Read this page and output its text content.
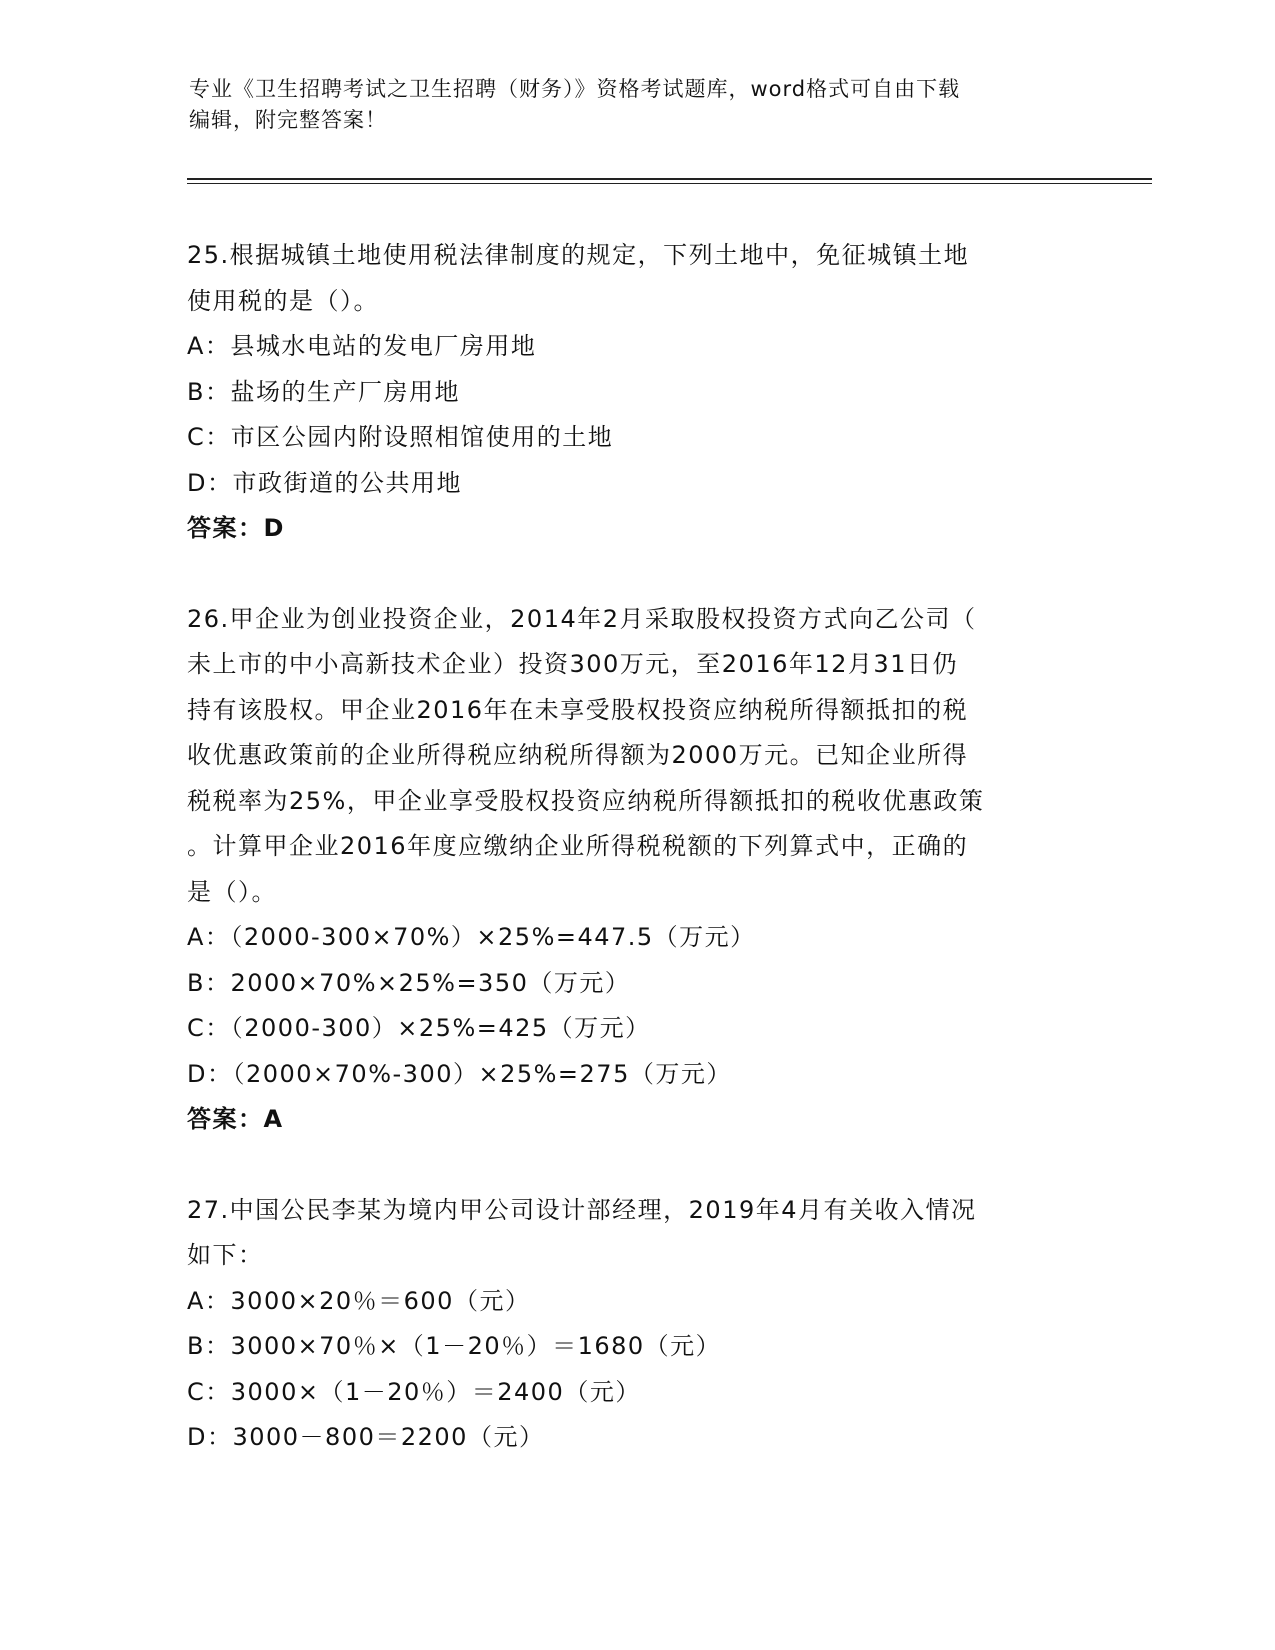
专业《卫生招聘考试之卫生招聘（财务）》资格考试题库，word格式可自由下载
编辑，附完整答案！

25.根据城镇土地使用税法律制度的规定，下列土地中，免征城镇土地

使用税的是（）。

A：县城水电站的发电厂房用地

B：盐场的生产厂房用地

C：市区公园内附设照相馆使用的土地

D：市政街道的公共用地

答案：D

26.甲企业为创业投资企业，2014年2月采取股权投资方式向乙公司（

未上市的中小高新技术企业）投资300万元，至2016年12月31日仍

持有该股权。甲企业2016年在未享受股权投资应纳税所得额抵扣的税

收优惠政策前的企业所得税应纳税所得额为2000万元。已知企业所得

税税率为25%，甲企业享受股权投资应纳税所得额抵扣的税收优惠政策

。计算甲企业2016年度应缴纳企业所得税税额的下列算式中，正确的

是（）。

A：（2000-300×70%）×25%=447.5（万元）

B：2000×70%×25%=350（万元）

C：（2000-300）×25%=425（万元）

D：（2000×70%-300）×25%=275（万元）

答案：A

27.中国公民李某为境内甲公司设计部经理，2019年4月有关收入情况

如下：

A：3000×20％＝600（元）

B：3000×70％×（1－20％）＝1680（元）

C：3000×（1－20％）＝2400（元）

D：3000－800＝2200（元）
